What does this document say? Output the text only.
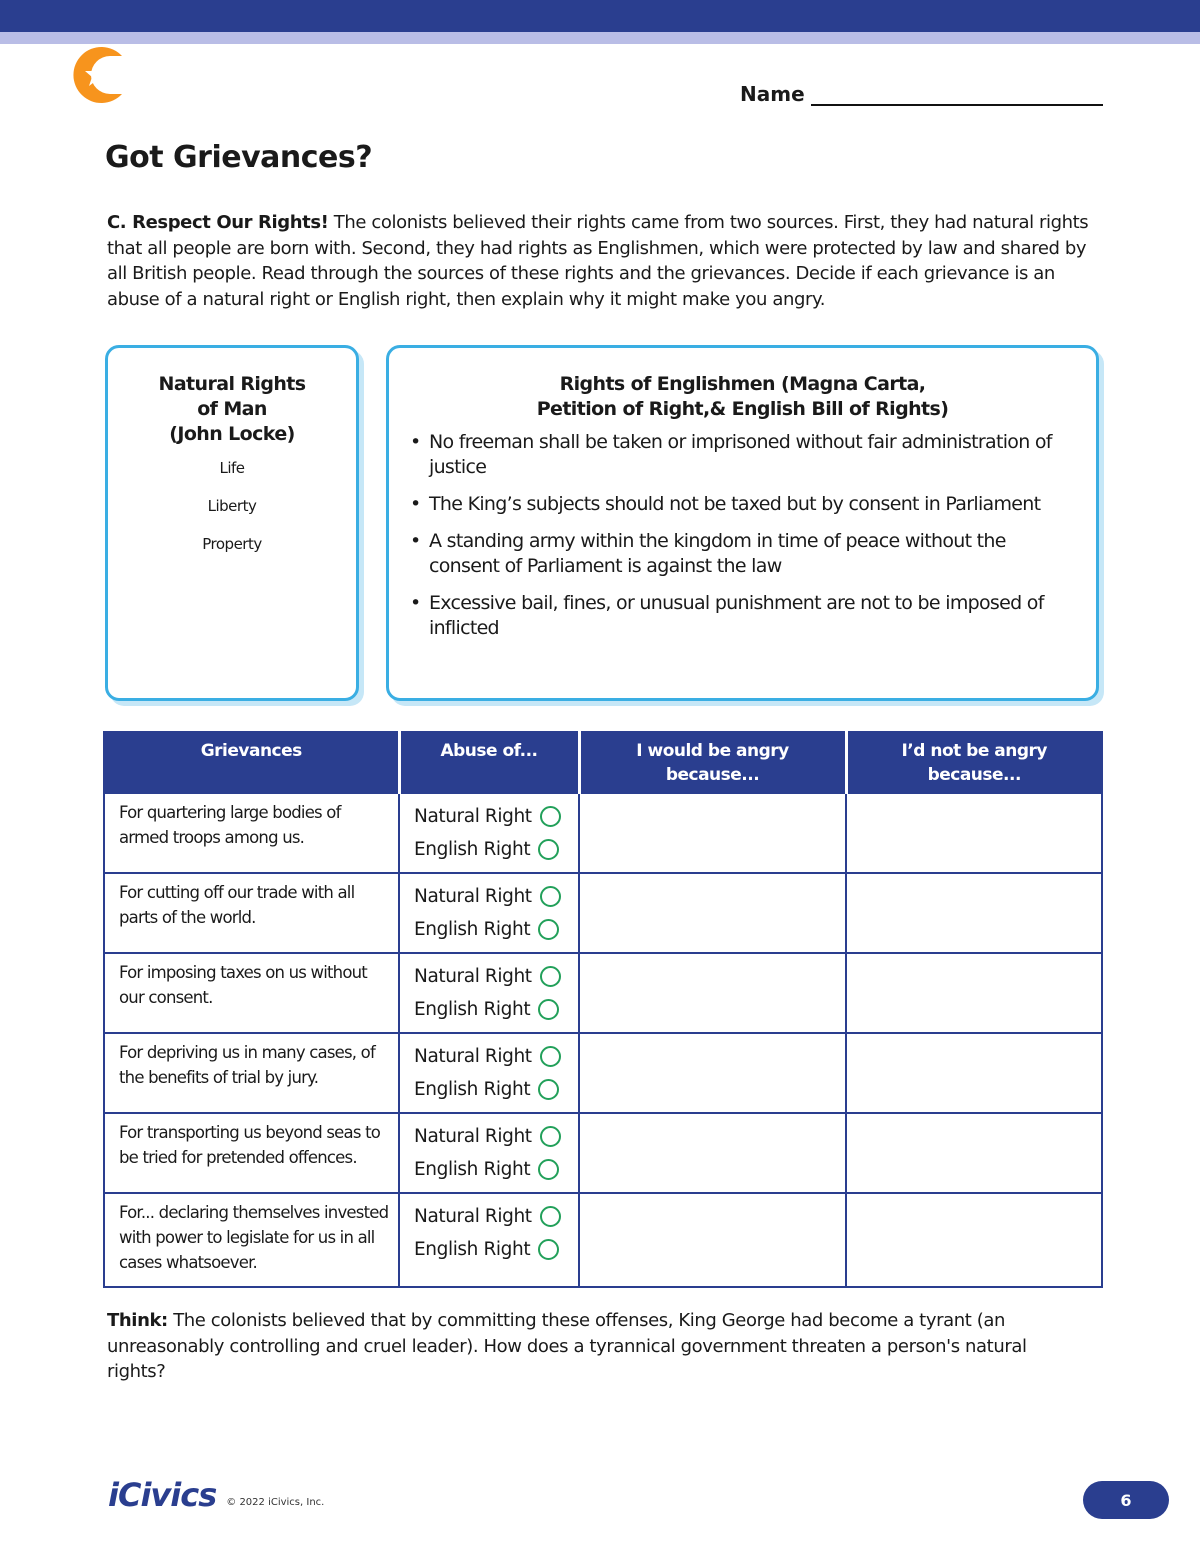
Name
Got Grievances?
C. Respect Our Rights! The colonists believed their rights came from two sources. First, they had natural rights that all people are born with. Second, they had rights as Englishmen, which were protected by law and shared by all British people. Read through the sources of these rights and the grievances. Decide if each grievance is an abuse of a natural right or English right, then explain why it might make you angry.
Natural Rights
of Man
(John Locke)
Life
Liberty
Property
Rights of Englishmen (Magna Carta,
Petition of Right,& English Bill of Rights)
• No freeman shall be taken or imprisoned without fair administration of justice
• The King’s subjects should not be taxed but by consent in Parliament
• A standing army within the kingdom in time of peace without the consent of Parliament is against the law
• Excessive bail, fines, or unusual punishment are not to be imposed of inflicted
Grievances	Abuse of...	I would be angry because...	I’d not be angry because...
For quartering large bodies of armed troops among us.	Natural Right
English Right		

For cutting off our trade with all parts of the world.	Natural Right
English Right		

For imposing taxes on us without our consent.	Natural Right
English Right		

For depriving us in many cases, of the benefits of trial by jury.	Natural Right
English Right		

For transporting us beyond seas to be tried for pretended offences.	Natural Right
English Right		

For... declaring themselves invested with power to legislate for us in all cases whatsoever.	Natural Right
English Right		

Think: The colonists believed that by committing these offenses, King George had become a tyrant (an unreasonably controlling and cruel leader). How does a tyrannical government threaten a person's natural rights?
iCivics © 2022 iCivics, Inc.	6
